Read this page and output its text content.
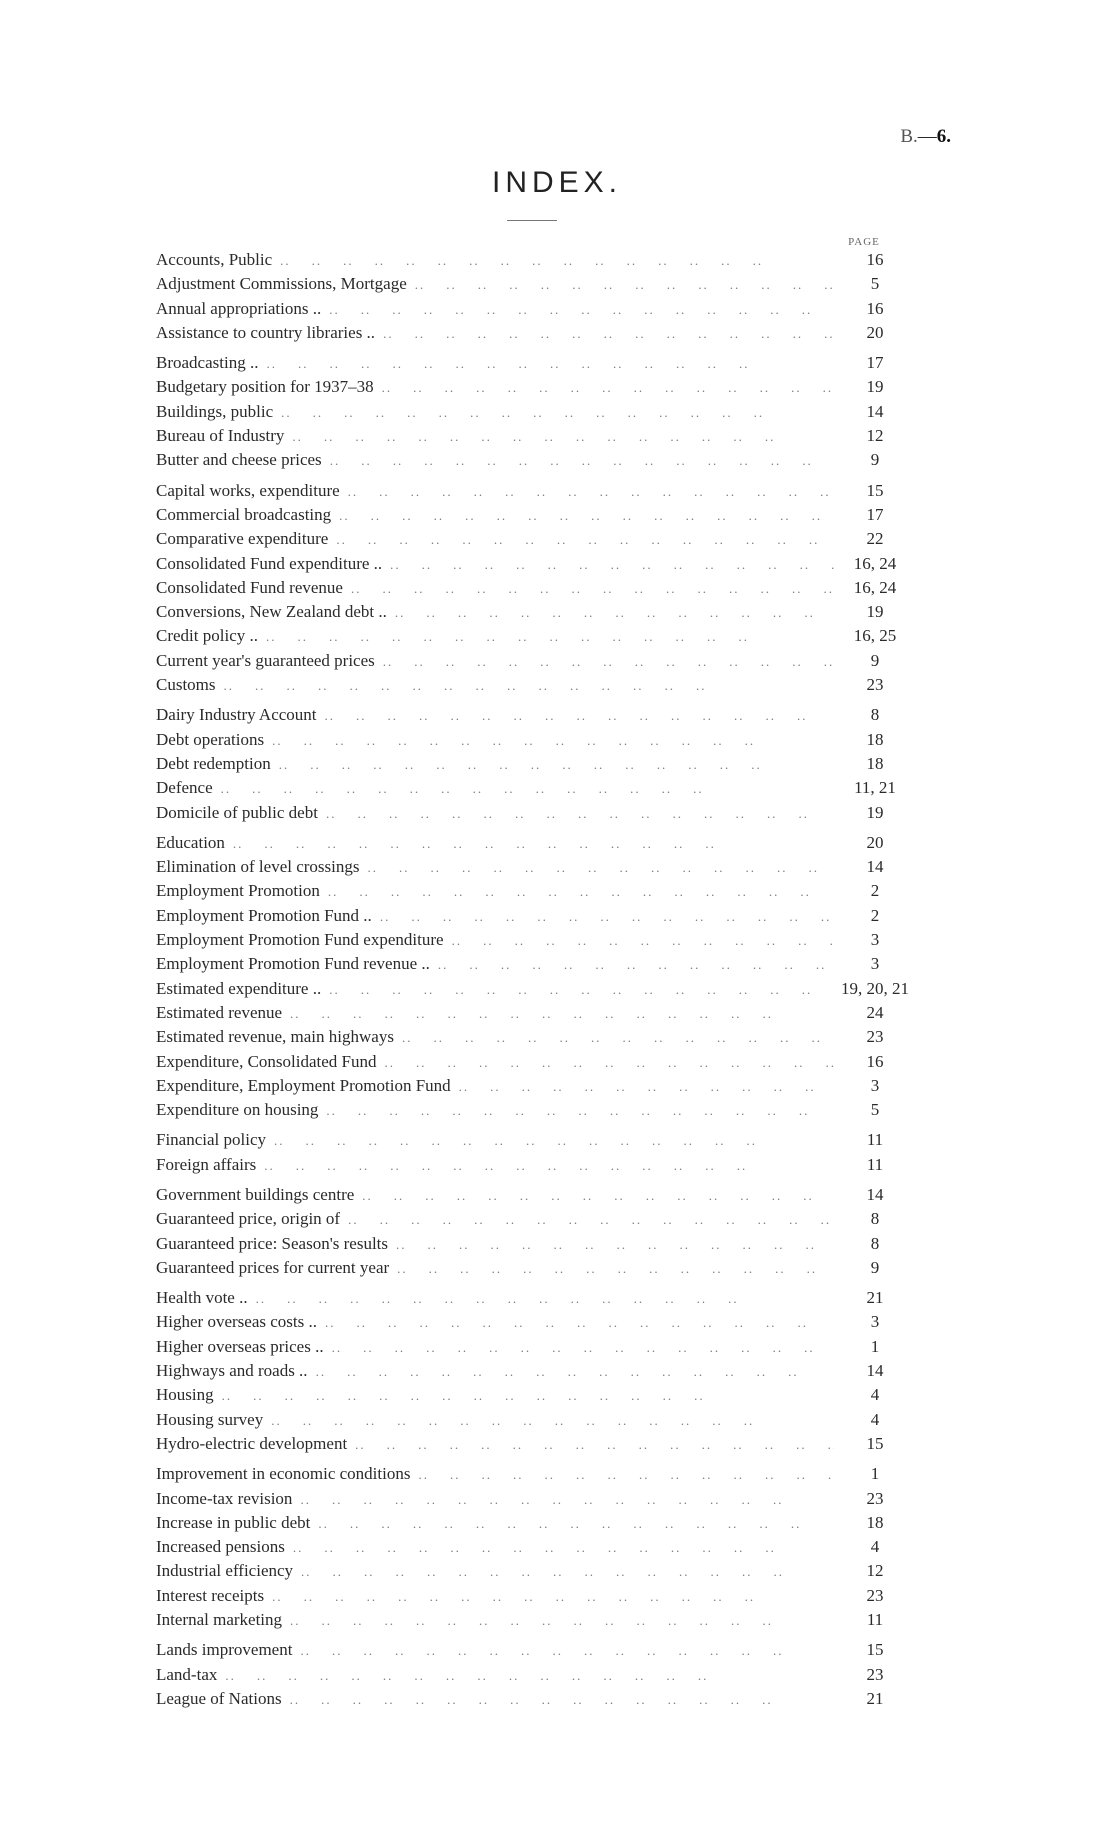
B.—6.
INDEX.
PAGE
Accounts, Public ..	16
Adjustment Commissions, Mortgage ..	5
Annual appropriations .. ..	16
Assistance to country libraries .. ..	20
Broadcasting .. ..	17
Budgetary position for 1937–38 ..	19
Buildings, public ..	14
Bureau of Industry ..	12
Butter and cheese prices ..	9
Capital works, expenditure ..	15
Commercial broadcasting ..	17
Comparative expenditure ..	22
Consolidated Fund expenditure .. ..	16, 24
Consolidated Fund revenue ..	16, 24
Conversions, New Zealand debt .. ..	19
Credit policy .. ..	16, 25
Current year's guaranteed prices ..	9
Customs ..	23
Dairy Industry Account ..	8
Debt operations ..	18
Debt redemption ..	18
Defence ..	11, 21
Domicile of public debt ..	19
Education ..	20
Elimination of level crossings ..	14
Employment Promotion ..	2
Employment Promotion Fund .. ..	2
Employment Promotion Fund expenditure ..	3
Employment Promotion Fund revenue .. ..	3
Estimated expenditure .. ..	19, 20, 21
Estimated revenue ..	24
Estimated revenue, main highways ..	23
Expenditure, Consolidated Fund ..	16
Expenditure, Employment Promotion Fund ..	3
Expenditure on housing ..	5
Financial policy ..	11
Foreign affairs ..	11
Government buildings centre ..	14
Guaranteed price, origin of ..	8
Guaranteed price: Season's results ..	8
Guaranteed prices for current year ..	9
Health vote .. ..	21
Higher overseas costs .. ..	3
Higher overseas prices .. ..	1
Highways and roads .. ..	14
Housing ..	4
Housing survey ..	4
Hydro-electric development ..	15
Improvement in economic conditions ..	1
Income-tax revision ..	23
Increase in public debt ..	18
Increased pensions ..	4
Industrial efficiency ..	12
Interest receipts ..	23
Internal marketing ..	11
Lands improvement ..	15
Land-tax ..	23
League of Nations ..	21
